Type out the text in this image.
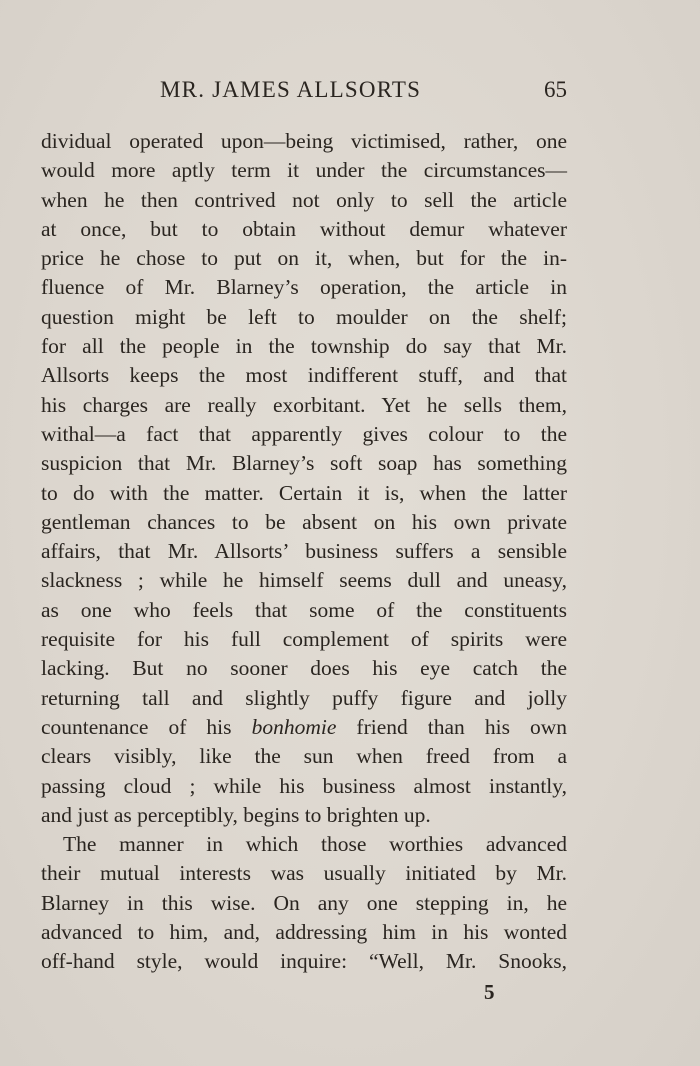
MR. JAMES ALLSORTS	65
dividual operated upon—being victimised, rather, one
would more aptly term it under the circumstances—
when he then contrived not only to sell the article
at once, but to obtain without demur whatever
price he chose to put on it, when, but for the in-
fluence of Mr. Blarney’s operation, the article in
question might be left to moulder on the shelf;
for all the people in the township do say that Mr.
Allsorts keeps the most indifferent stuff, and that
his charges are really exorbitant. Yet he sells them,
withal—a fact that apparently gives colour to the
suspicion that Mr. Blarney’s soft soap has something
to do with the matter. Certain it is, when the latter
gentleman chances to be absent on his own private
affairs, that Mr. Allsorts’ business suffers a sensible
slackness ; while he himself seems dull and uneasy,
as one who feels that some of the constituents
requisite for his full complement of spirits were
lacking. But no sooner does his eye catch the
returning tall and slightly puffy figure and jolly
countenance of his bonhomie friend than his own
clears visibly, like the sun when freed from a
passing cloud ; while his business almost instantly,
and just as perceptibly, begins to brighten up.
The manner in which those worthies advanced
their mutual interests was usually initiated by Mr.
Blarney in this wise. On any one stepping in, he
advanced to him, and, addressing him in his wonted
off-hand style, would inquire: “Well, Mr. Snooks,
5
